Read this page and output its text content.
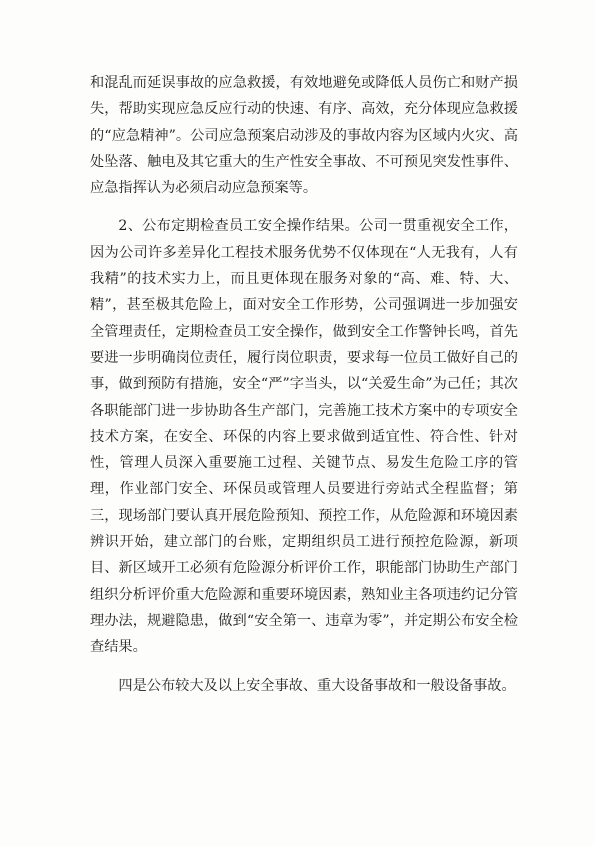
和混乱而延误事故的应急救援，有效地避免或降低人员伤亡和财产损失，帮助实现应急反应行动的快速、有序、高效，充分体现应急救援的“应急精神”。公司应急预案启动涉及的事故内容为区域内火灾、高处坠落、触电及其它重大的生产性安全事故、不可预见突发性事件、应急指挥认为必须启动应急预案等。

2、公布定期检查员工安全操作结果。公司一贯重视安全工作，因为公司许多差异化工程技术服务优势不仅体现在“人无我有，人有我精”的技术实力上，而且更体现在服务对象的“高、难、特、大、精”，甚至极其危险上，面对安全工作形势，公司强调进一步加强安全管理责任，定期检查员工安全操作，做到安全工作警钟长鸣，首先要进一步明确岗位责任，履行岗位职责，要求每一位员工做好自己的事，做到预防有措施，安全“严”字当头，以“关爱生命”为己任；其次各职能部门进一步协助各生产部门，完善施工技术方案中的专项安全技术方案，在安全、环保的内容上要求做到适宜性、符合性、针对性，管理人员深入重要施工过程、关键节点、易发生危险工序的管理，作业部门安全、环保员或管理人员要进行旁站式全程监督；第三，现场部门要认真开展危险预知、预控工作，从危险源和环境因素辨识开始，建立部门的台账，定期组织员工进行预控危险源，新项目、新区域开工必须有危险源分析评价工作，职能部门协助生产部门组织分析评价重大危险源和重要环境因素，熟知业主各项违约记分管理办法，规避隐患，做到“安全第一、违章为零”，并定期公布安全检查结果。

四是公布较大及以上安全事故、重大设备事故和一般设备事故。
